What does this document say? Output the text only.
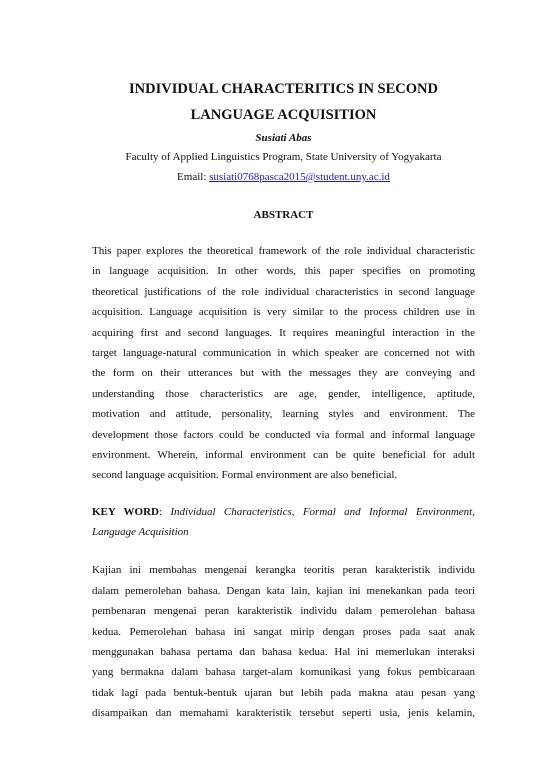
INDIVIDUAL CHARACTERITICS IN SECOND
LANGUAGE ACQUISITION

Susiati Abas

Faculty of Applied Linguistics Program, State University of Yogyakarta

Email: susiati0768pasca2015@student.uny.ac.id

ABSTRACT

This paper explores the theoretical framework of the role individual characteristic
in language acquisition. In other words, this paper specifies on promoting
theoretical justifications of the role individual characteristics in second language
acquisition. Language acquisition is very similar to the process children use in
acquiring first and second languages. It requires meaningful interaction in the
target language-natural communication in which speaker are concerned not with
the form on their utterances but with the messages they are conveying and
understanding those characteristics are age, gender, intelligence, aptitude,
motivation and attitude, personality, learning styles and environment. The
development those factors could be conducted via formal and informal language
environment. Wherein, informal environment can be quite beneficial for adult
second language acquisition. Formal environment are also beneficial.
KEY WORD: Individual Characteristics, Formal and Informal Environment,
Language Acquisition
Kajian ini membahas mengenai kerangka teoritis peran karakteristik individu
dalam pemerolehan bahasa. Dengan kata lain, kajian ini menekankan pada teori
pembenaran mengenai peran karakteristik individu dalam pemerolehan bahasa
kedua. Pemerolehan bahasa ini sangat mirip dengan proses pada saat anak
menggunakan bahasa pertama dan bahasa kedua. Hal ini memerlukan interaksi
yang bermakna dalam bahasa target-alam komunikasi yang fokus pembicaraan
tidak lagi pada bentuk-bentuk ujaran but lebih pada makna atau pesan yang
disampaikan dan memahami karakteristik tersebut seperti usia, jenis kelamin,
